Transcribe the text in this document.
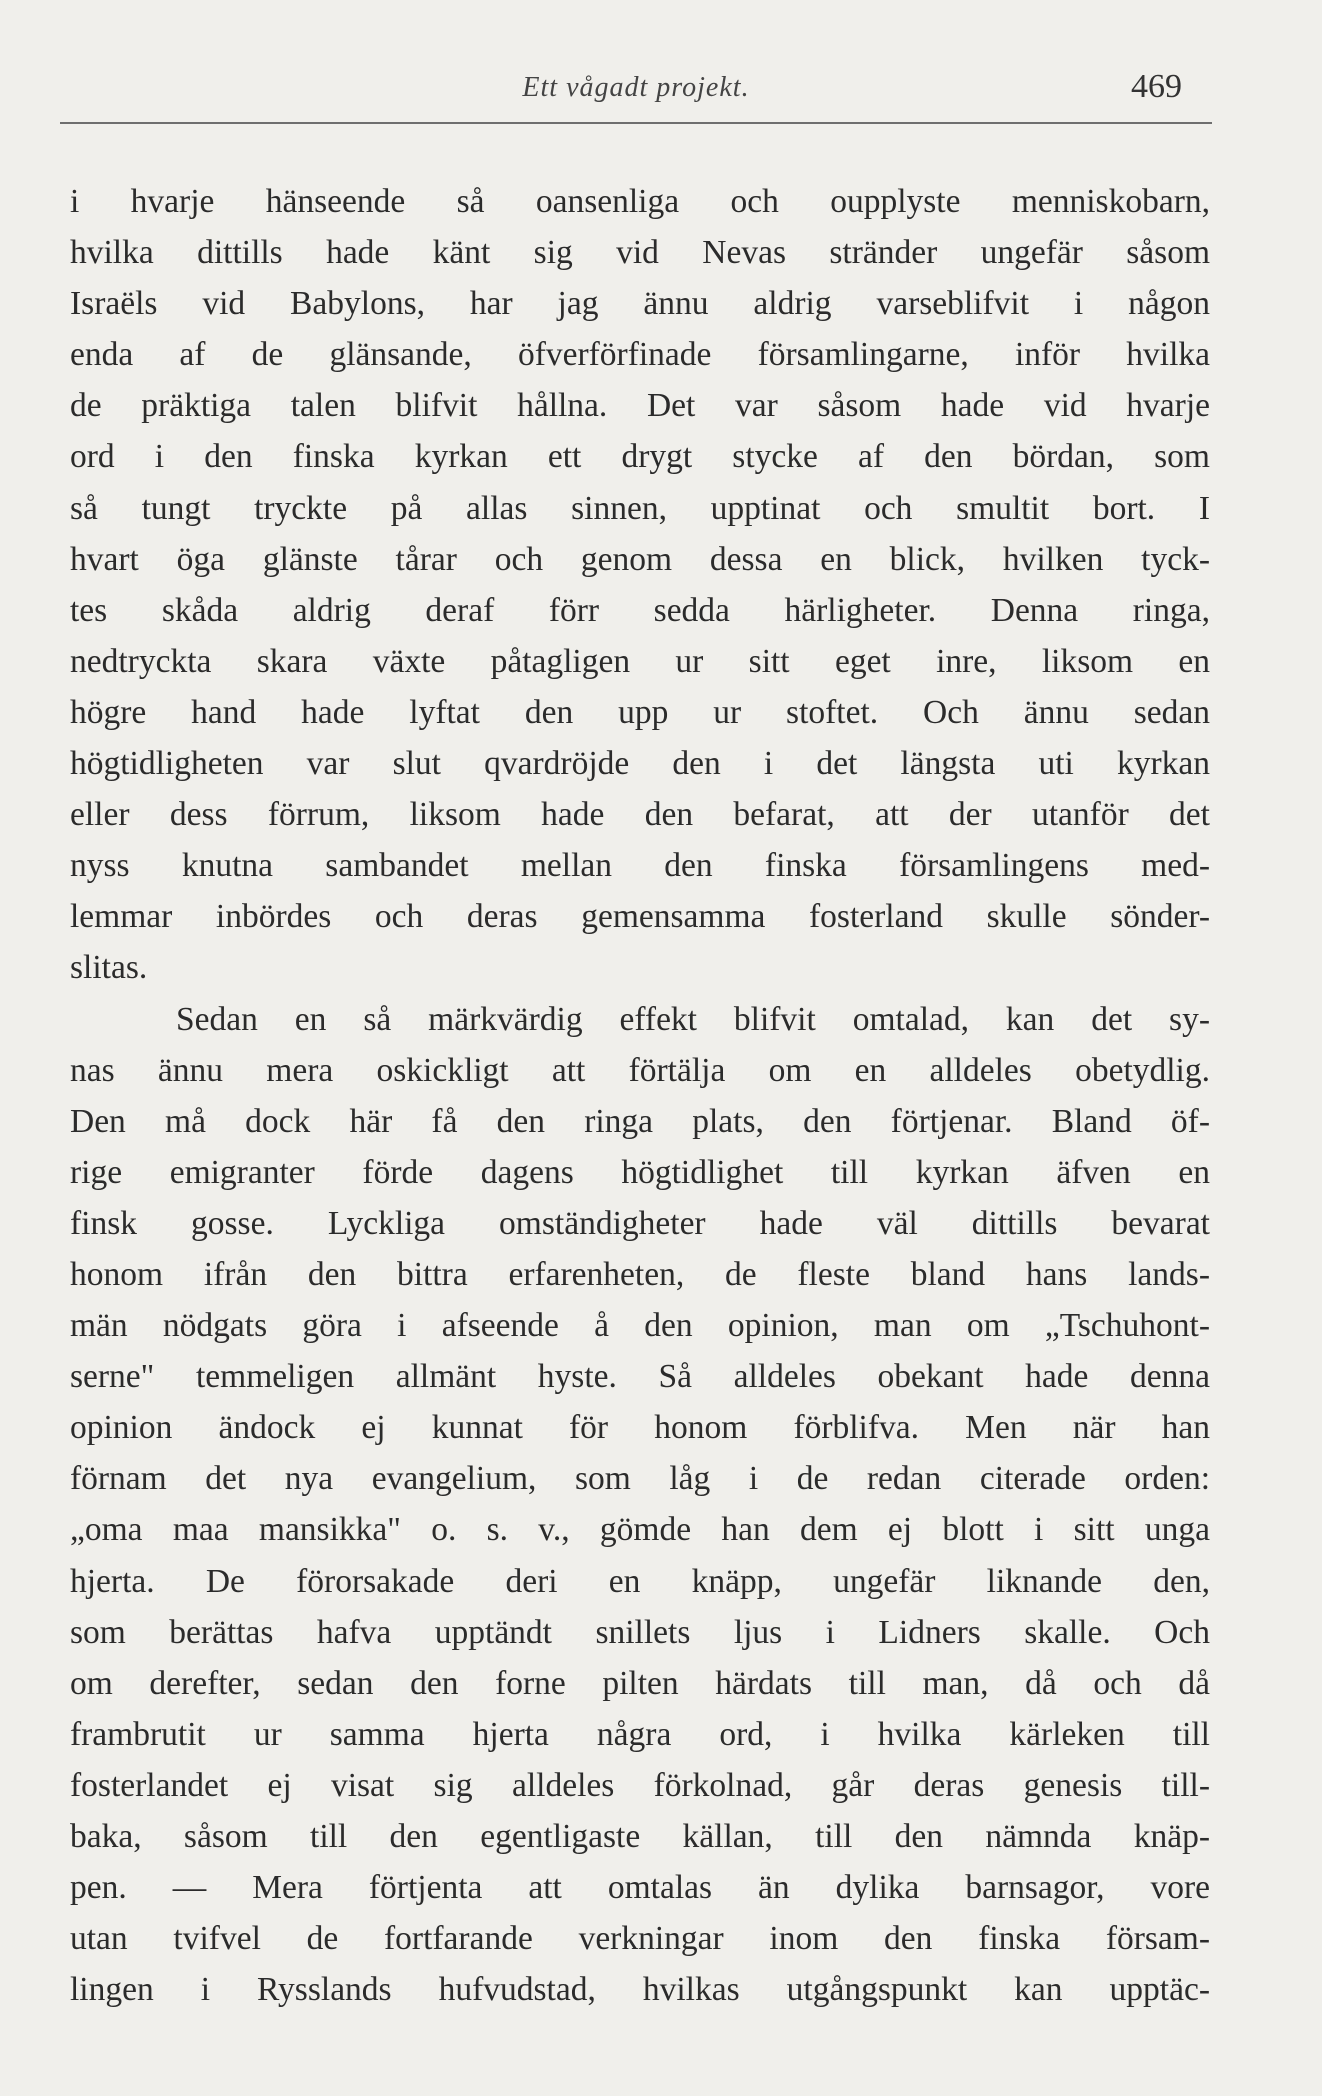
Ett vågadt projekt.	469
i hvarje hänseende så oansenliga och oupplyste menniskobarn,
hvilka dittills hade känt sig vid Nevas stränder ungefär såsom
Israëls vid Babylons, har jag ännu aldrig varseblifvit i någon
enda af de glänsande, öfverförfinade församlingarne, inför hvilka
de präktiga talen blifvit hållna. Det var såsom hade vid hvarje
ord i den finska kyrkan ett drygt stycke af den bördan, som
så tungt tryckte på allas sinnen, upptinat och smultit bort. I
hvart öga glänste tårar och genom dessa en blick, hvilken tyck-
tes skåda aldrig deraf förr sedda härligheter. Denna ringa,
nedtryckta skara växte påtagligen ur sitt eget inre, liksom en
högre hand hade lyftat den upp ur stoftet. Och ännu sedan
högtidligheten var slut qvardröjde den i det längsta uti kyrkan
eller dess förrum, liksom hade den befarat, att der utanför det
nyss knutna sambandet mellan den finska församlingens med-
lemmar inbördes och deras gemensamma fosterland skulle sönder-
slitas.
Sedan en så märkvärdig effekt blifvit omtalad, kan det sy-
nas ännu mera oskickligt att förtälja om en alldeles obetydlig.
Den må dock här få den ringa plats, den förtjenar. Bland öf-
rige emigranter förde dagens högtidlighet till kyrkan äfven en
finsk gosse. Lyckliga omständigheter hade väl dittills bevarat
honom ifrån den bittra erfarenheten, de fleste bland hans lands-
män nödgats göra i afseende å den opinion, man om „Tschuhont-
serne" temmeligen allmänt hyste. Så alldeles obekant hade denna
opinion ändock ej kunnat för honom förblifva. Men när han
förnam det nya evangelium, som låg i de redan citerade orden:
„oma maa mansikka" o. s. v., gömde han dem ej blott i sitt unga
hjerta. De förorsakade deri en knäpp, ungefär liknande den,
som berättas hafva upptändt snillets ljus i Lidners skalle. Och
om derefter, sedan den forne pilten härdats till man, då och då
frambrutit ur samma hjerta några ord, i hvilka kärleken till
fosterlandet ej visat sig alldeles förkolnad, går deras genesis till-
baka, såsom till den egentligaste källan, till den nämnda knäp-
pen. — Mera förtjenta att omtalas än dylika barnsagor, vore
utan tvifvel de fortfarande verkningar inom den finska försam-
lingen i Rysslands hufvudstad, hvilkas utgångspunkt kan upptäc-
